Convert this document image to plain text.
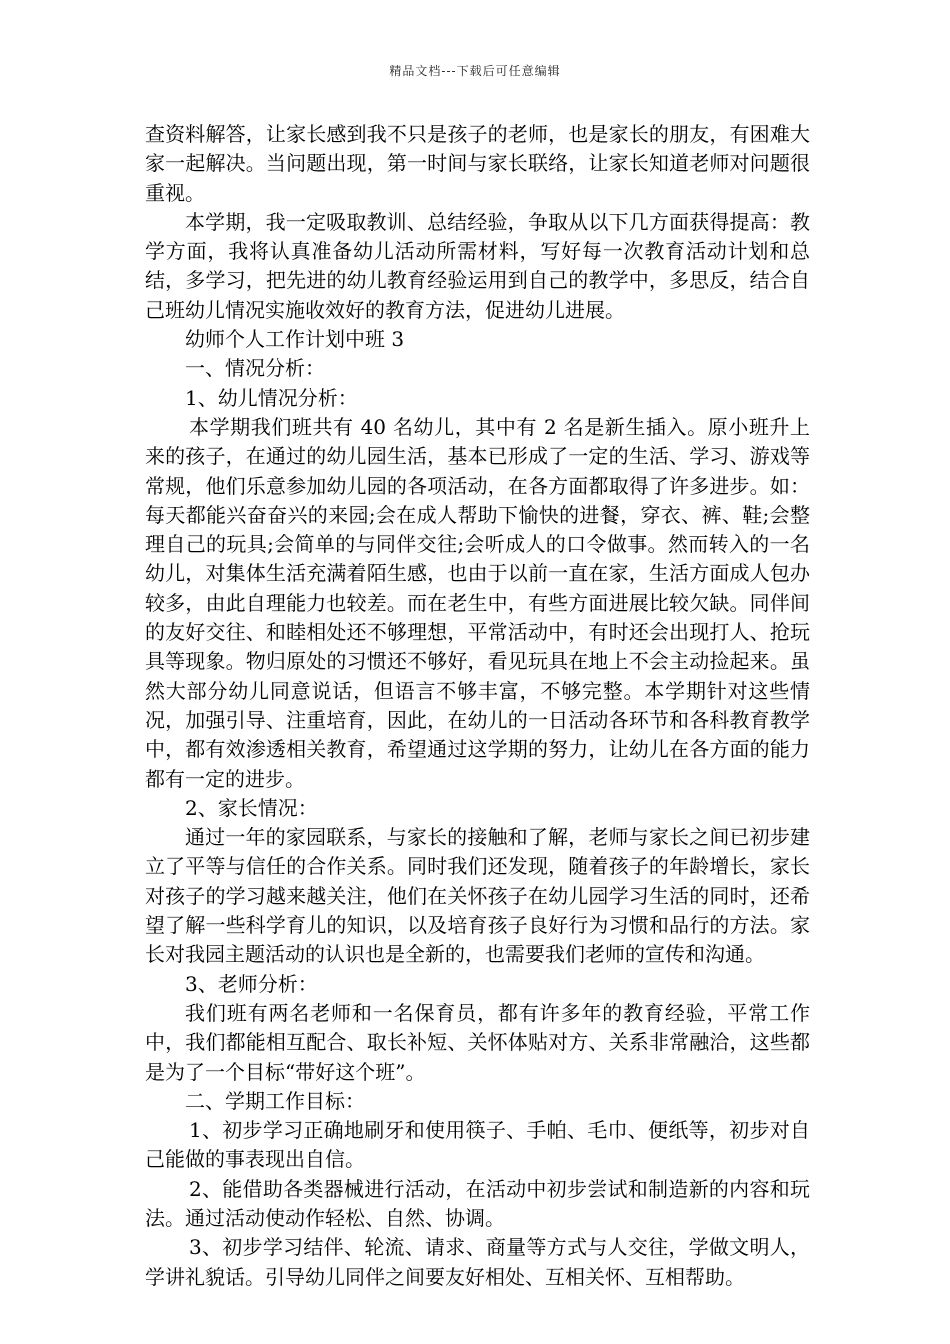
精品文档---下载后可任意编辑

查资料解答，让家长感到我不只是孩子的老师，也是家长的朋友，有困难大家一起解决。当问题出现，第一时间与家长联络，让家长知道老师对问题很重视。

本学期，我一定吸取教训、总结经验，争取从以下几方面获得提高：教学方面，我将认真准备幼儿活动所需材料，写好每一次教育活动计划和总结，多学习，把先进的幼儿教育经验运用到自己的教学中，多思反，结合自己班幼儿情况实施收效好的教育方法，促进幼儿进展。

幼师个人工作计划中班 3

一、情况分析：

1、幼儿情况分析：

本学期我们班共有 40 名幼儿，其中有 2 名是新生插入。原小班升上来的孩子，在通过的幼儿园生活，基本已形成了一定的生活、学习、游戏等常规，他们乐意参加幼儿园的各项活动，在各方面都取得了许多进步。如：每天都能兴奋奋兴的来园;会在成人帮助下愉快的进餐，穿衣、裤、鞋;会整理自己的玩具;会简单的与同伴交往;会听成人的口令做事。然而转入的一名幼儿，对集体生活充满着陌生感，也由于以前一直在家，生活方面成人包办较多，由此自理能力也较差。而在老生中，有些方面进展比较欠缺。同伴间的友好交往、和睦相处还不够理想，平常活动中，有时还会出现打人、抢玩具等现象。物归原处的习惯还不够好，看见玩具在地上不会主动捡起来。虽然大部分幼儿同意说话，但语言不够丰富，不够完整。本学期针对这些情况，加强引导、注重培育，因此，在幼儿的一日活动各环节和各科教育教学中，都有效渗透相关教育，希望通过这学期的努力，让幼儿在各方面的能力都有一定的进步。

2、家长情况：

通过一年的家园联系，与家长的接触和了解，老师与家长之间已初步建立了平等与信任的合作关系。同时我们还发现，随着孩子的年龄增长，家长对孩子的学习越来越关注，他们在关怀孩子在幼儿园学习生活的同时，还希望了解一些科学育儿的知识，以及培育孩子良好行为习惯和品行的方法。家长对我园主题活动的认识也是全新的，也需要我们老师的宣传和沟通。

3、老师分析：

我们班有两名老师和一名保育员，都有许多年的教育经验，平常工作中，我们都能相互配合、取长补短、关怀体贴对方、关系非常融洽，这些都是为了一个目标“带好这个班”。

二、学期工作目标：

1、初步学习正确地刷牙和使用筷子、手帕、毛巾、便纸等，初步对自己能做的事表现出自信。

2、能借助各类器械进行活动，在活动中初步尝试和制造新的内容和玩法。通过活动使动作轻松、自然、协调。

3、初步学习结伴、轮流、请求、商量等方式与人交往，学做文明人，学讲礼貌话。引导幼儿同伴之间要友好相处、互相关怀、互相帮助。
